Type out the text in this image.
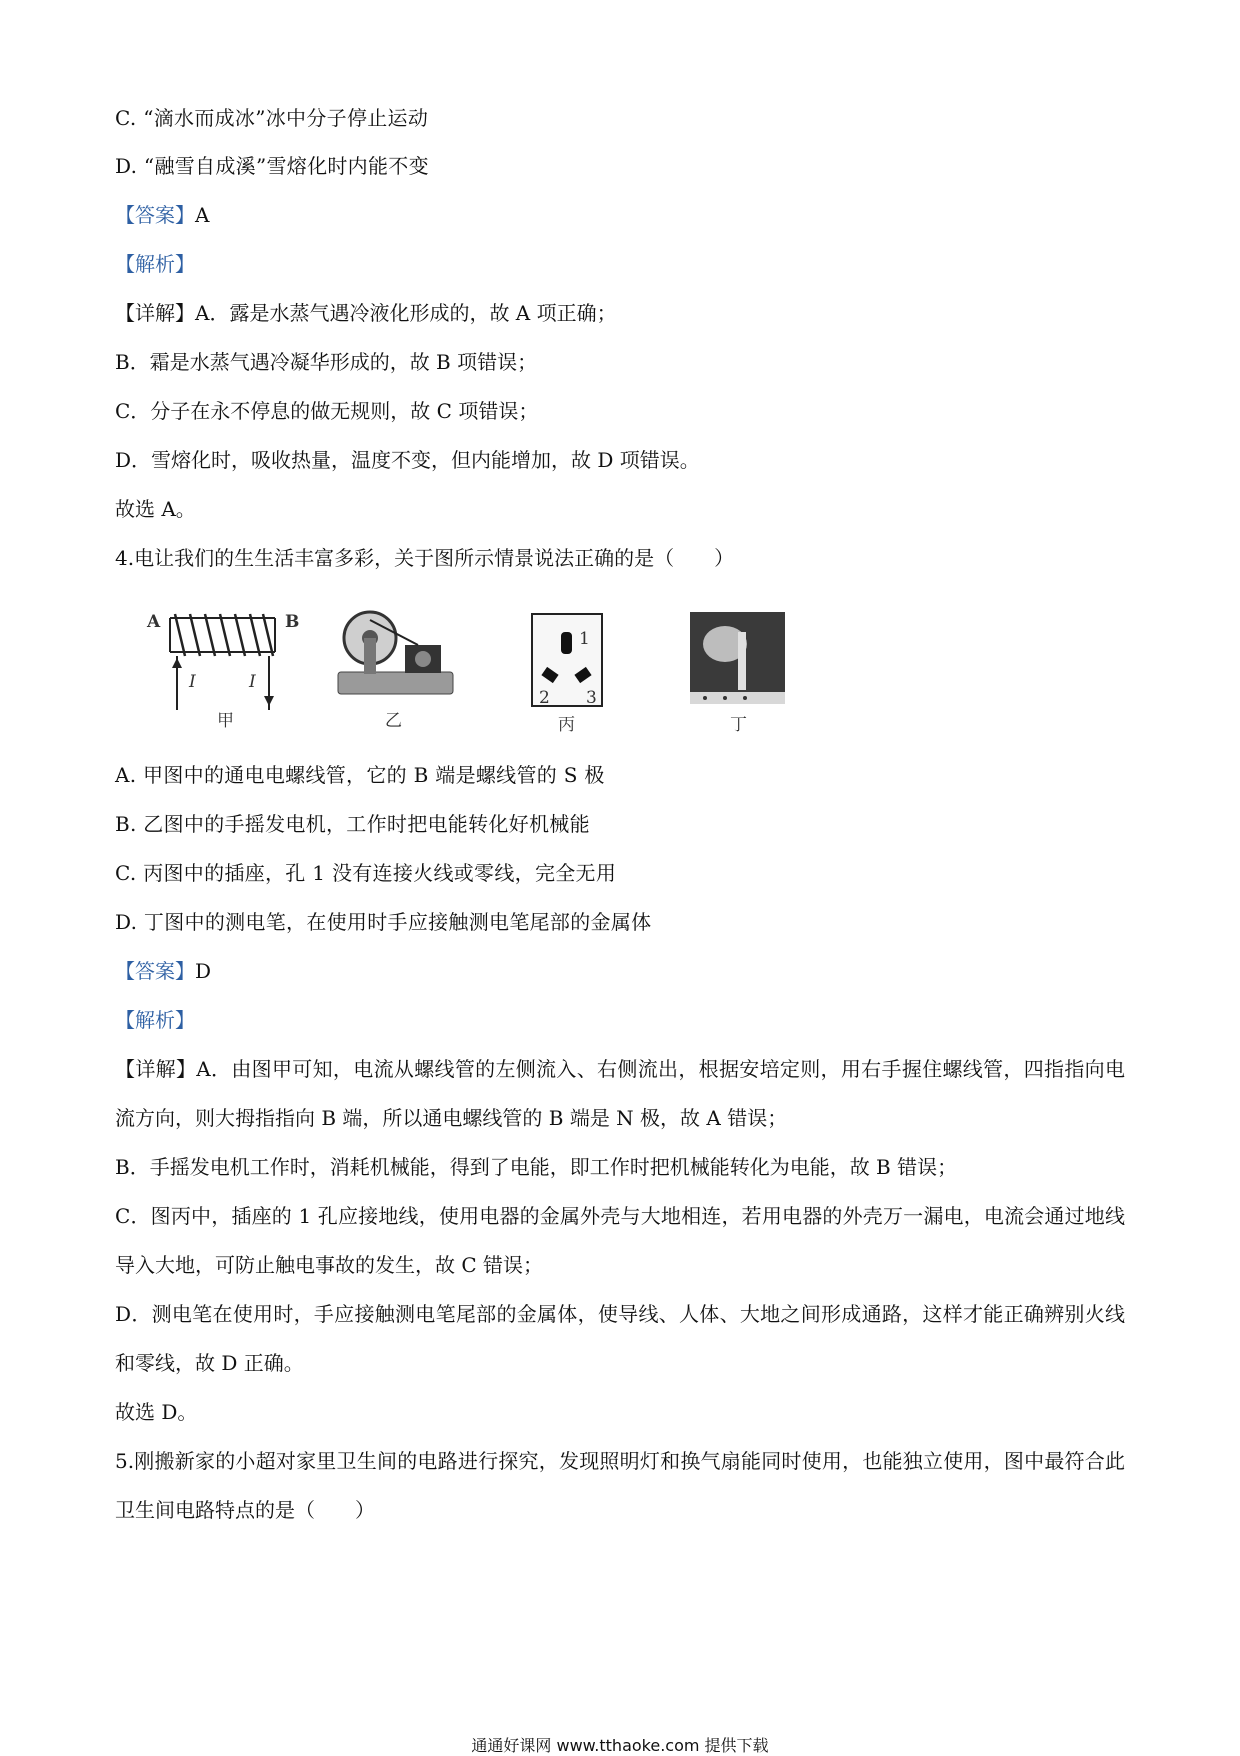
C. “滴水而成冰”冰中分子停止运动
D. “融雪自成溪”雪熔化时内能不变
【答案】A
【解析】
【详解】A．露是水蒸气遇冷液化形成的，故 A 项正确；
B．霜是水蒸气遇冷凝华形成的，故 B 项错误；
C．分子在永不停息的做无规则，故 C 项错误；
D．雪熔化时，吸收热量，温度不变，但内能增加，故 D 项错误。
故选 A。
4.电让我们的生生活丰富多彩，关于图所示情景说法正确的是（　　）
A	B
I	I
甲	乙
1
2 3
丙	丁
A. 甲图中的通电电螺线管，它的 B 端是螺线管的 S 极
B. 乙图中的手摇发电机，工作时把电能转化好机械能
C. 丙图中的插座，孔 1 没有连接火线或零线，完全无用
D. 丁图中的测电笔，在使用时手应接触测电笔尾部的金属体
【答案】D
【解析】
【详解】A．由图甲可知，电流从螺线管的左侧流入、右侧流出，根据安培定则，用右手握住螺线管，四指指向电流方向，则大拇指指向 B 端，所以通电螺线管的 B 端是 N 极，故 A 错误；
B．手摇发电机工作时，消耗机械能，得到了电能，即工作时把机械能转化为电能，故 B 错误；
C．图丙中，插座的 1 孔应接地线，使用电器的金属外壳与大地相连，若用电器的外壳万一漏电，电流会通过地线导入大地，可防止触电事故的发生，故 C 错误；
D．测电笔在使用时，手应接触测电笔尾部的金属体，使导线、人体、大地之间形成通路，这样才能正确辨别火线和零线，故 D 正确。
故选 D。
5.刚搬新家的小超对家里卫生间的电路进行探究，发现照明灯和换气扇能同时使用，也能独立使用，图中最符合此卫生间电路特点的是（　　）
通通好课网 www.tthaoke.com 提供下载
